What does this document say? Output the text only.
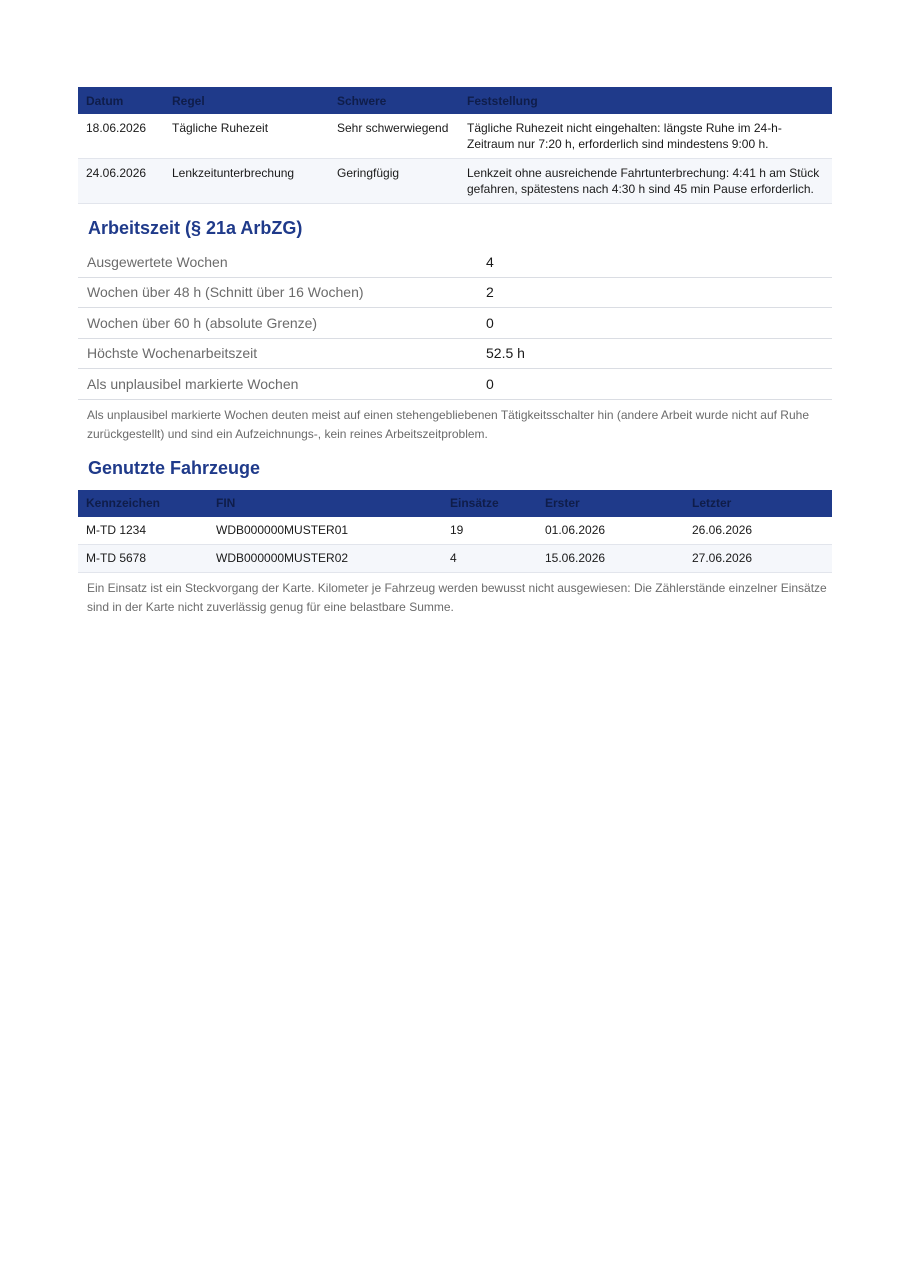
Datum	Regel	Schwere	Feststellung
18.06.2026	Tägliche Ruhezeit	Sehr schwerwiegend	Tägliche Ruhezeit nicht eingehalten: längste Ruhe im 24-h-Zeitraum nur 7:20 h, erforderlich sind mindestens 9:00 h.
24.06.2026	Lenkzeitunterbrechung	Geringfügig	Lenkzeit ohne ausreichende Fahrtunterbrechung: 4:41 h am Stück gefahren, spätestens nach 4:30 h sind 45 min Pause erforderlich.
Arbeitszeit (§ 21a ArbZG)
Ausgewertete Wochen	4
Wochen über 48 h (Schnitt über 16 Wochen)	2
Wochen über 60 h (absolute Grenze)	0
Höchste Wochenarbeitszeit	52.5 h
Als unplausibel markierte Wochen	0
Als unplausibel markierte Wochen deuten meist auf einen stehengebliebenen Tätigkeitsschalter hin (andere Arbeit wurde nicht auf Ruhe zurückgestellt) und sind ein Aufzeichnungs-, kein reines Arbeitszeitproblem.
Genutzte Fahrzeuge
Kennzeichen	FIN	Einsätze	Erster	Letzter
M-TD 1234	WDB000000MUSTER01	19	01.06.2026	26.06.2026
M-TD 5678	WDB000000MUSTER02	4	15.06.2026	27.06.2026
Ein Einsatz ist ein Steckvorgang der Karte. Kilometer je Fahrzeug werden bewusst nicht ausgewiesen: Die Zählerstände einzelner Einsätze sind in der Karte nicht zuverlässig genug für eine belastbare Summe.
